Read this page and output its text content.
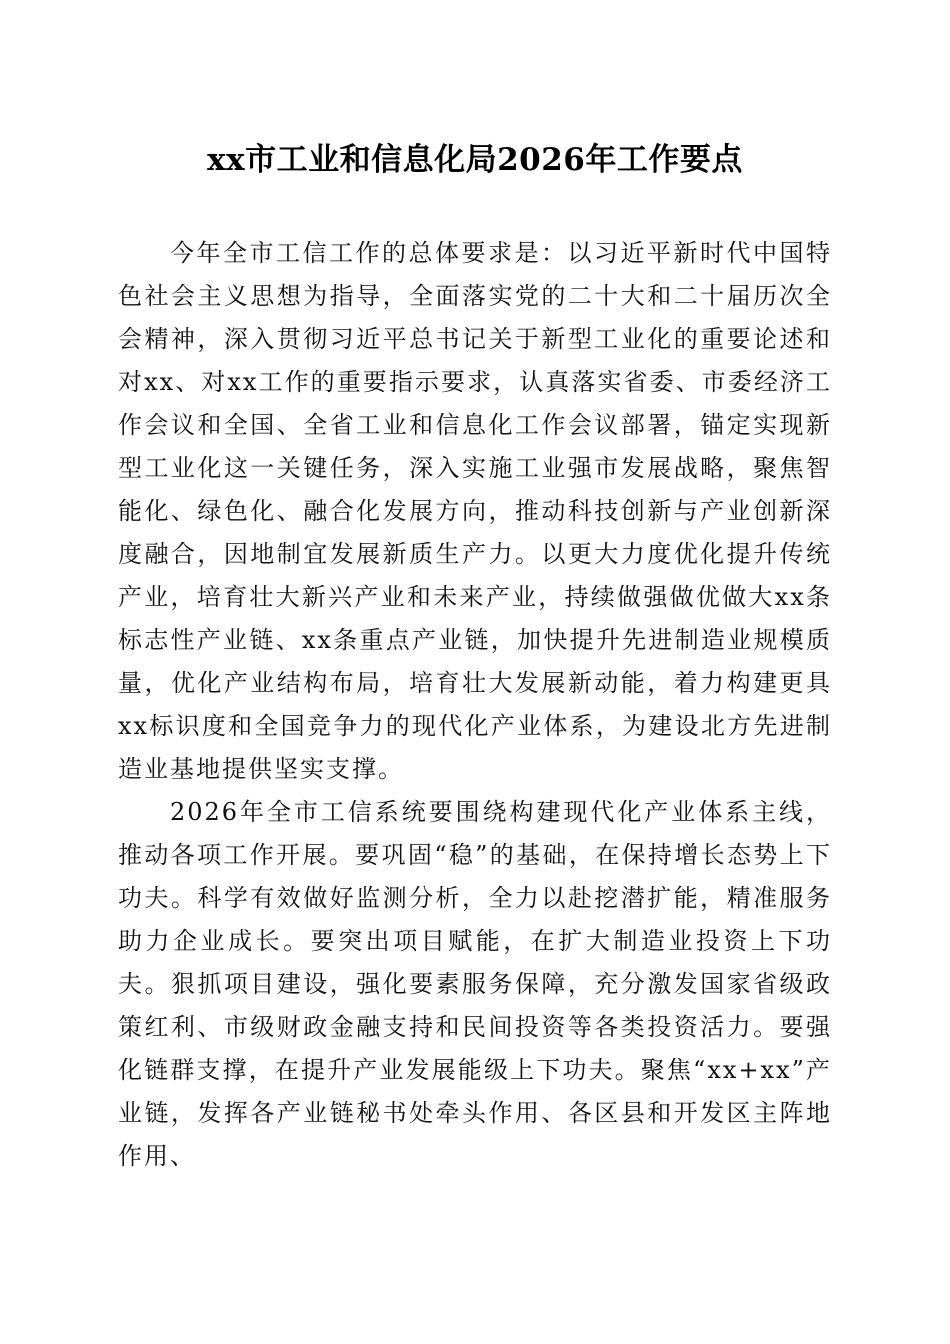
xx市工业和信息化局2026年工作要点

今年全市工信工作的总体要求是：以习近平新时代中国特色社会主义思想为指导，全面落实党的二十大和二十届历次全会精神，深入贯彻习近平总书记关于新型工业化的重要论述和对xx、对xx工作的重要指示要求，认真落实省委、市委经济工作会议和全国、全省工业和信息化工作会议部署，锚定实现新型工业化这一关键任务，深入实施工业强市发展战略，聚焦智能化、绿色化、融合化发展方向，推动科技创新与产业创新深度融合，因地制宜发展新质生产力。以更大力度优化提升传统产业，培育壮大新兴产业和未来产业，持续做强做优做大xx条标志性产业链、xx条重点产业链，加快提升先进制造业规模质量，优化产业结构布局，培育壮大发展新动能，着力构建更具xx标识度和全国竞争力的现代化产业体系，为建设北方先进制造业基地提供坚实支撑。

2026年全市工信系统要围绕构建现代化产业体系主线，推动各项工作开展。要巩固“稳”的基础，在保持增长态势上下功夫。科学有效做好监测分析，全力以赴挖潜扩能，精准服务助力企业成长。要突出项目赋能，在扩大制造业投资上下功夫。狠抓项目建设，强化要素服务保障，充分激发国家省级政策红利、市级财政金融支持和民间投资等各类投资活力。要强化链群支撑，在提升产业发展能级上下功夫。聚焦“xx+xx”产业链，发挥各产业链秘书处牵头作用、各区县和开发区主阵地作用、
